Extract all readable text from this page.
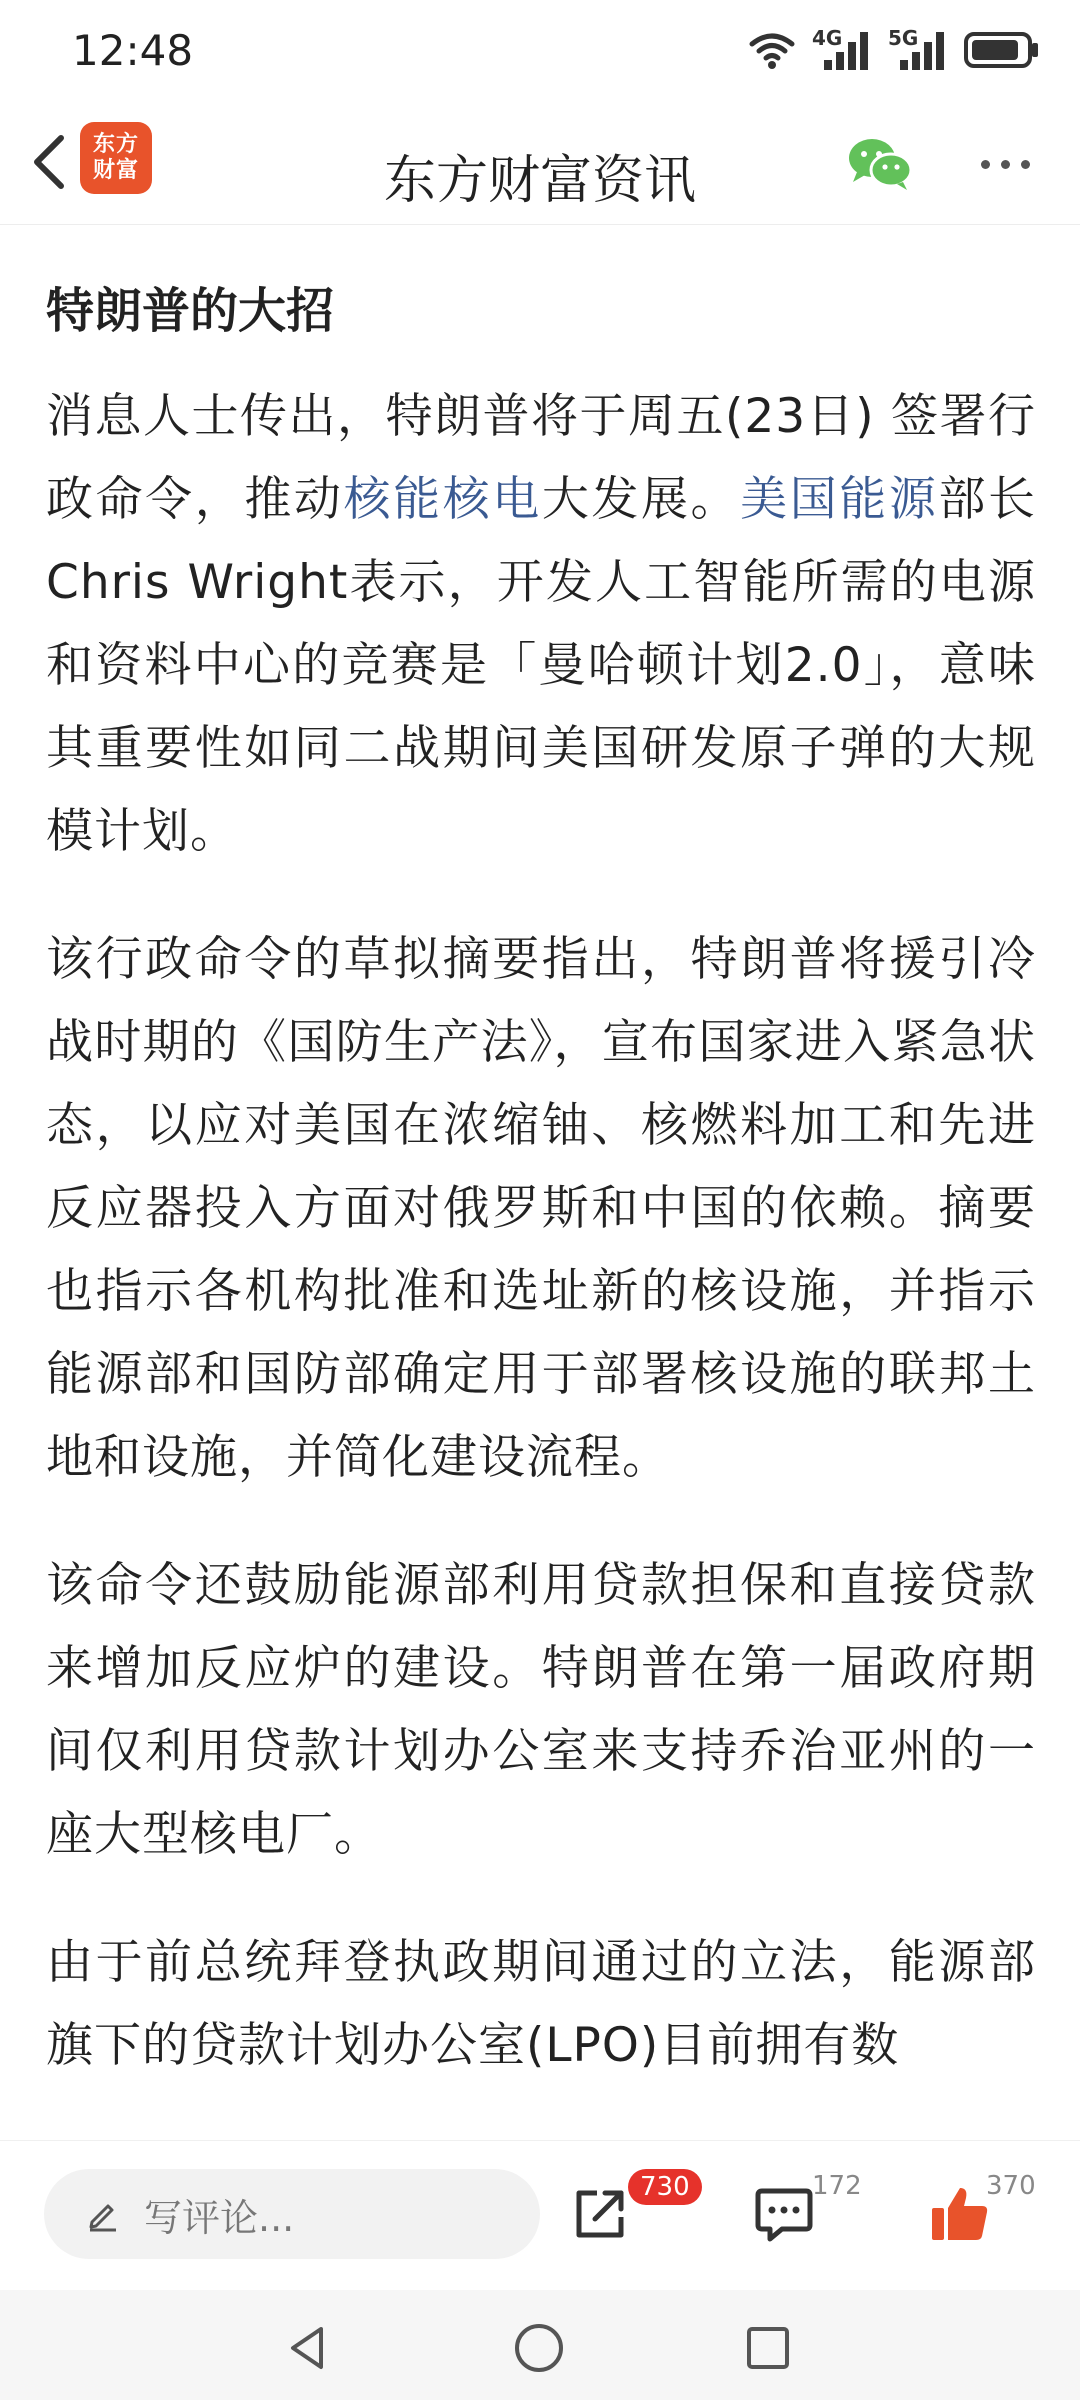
12:48	4G 5G
东方
财富	东方财富资讯
特朗普的大招

消息人士传出，特朗普将于周五(23日) 签署行政命令，推动核能核电大发展。美国能源部长Chris Wright表示，开发人工智能所需的电源和资料中心的竞赛是「曼哈顿计划2.0」，意味其重要性如同二战期间美国研发原子弹的大规模计划。

该行政命令的草拟摘要指出，特朗普将援引冷战时期的《国防生产法》，宣布国家进入紧急状态，以应对美国在浓缩铀、核燃料加工和先进反应器投入方面对俄罗斯和中国的依赖。摘要也指示各机构批准和选址新的核设施，并指示能源部和国防部确定用于部署核设施的联邦土地和设施，并简化建设流程。

该命令还鼓励能源部利用贷款担保和直接贷款来增加反应炉的建设。特朗普在第一届政府期间仅利用贷款计划办公室来支持乔治亚州的一座大型核电厂。

由于前总统拜登执政期间通过的立法，能源部旗下的贷款计划办公室(LPO)目前拥有数

写评论...
730	172	370
